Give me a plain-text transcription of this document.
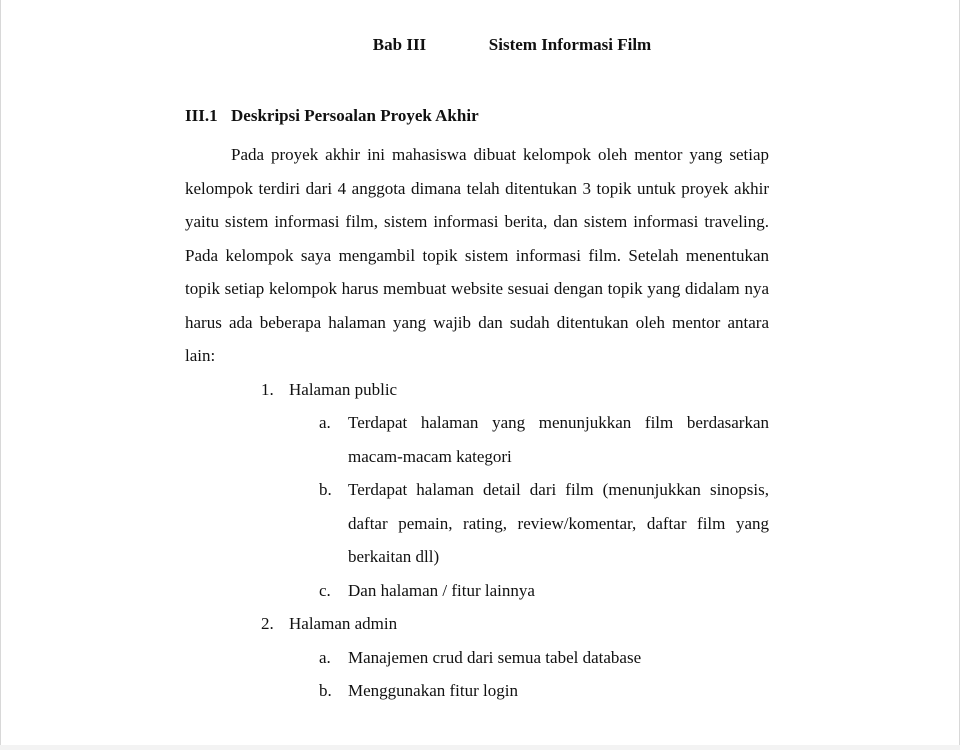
Bab III	Sistem Informasi Film
III.1 Deskripsi Persoalan Proyek Akhir

Pada proyek akhir ini mahasiswa dibuat kelompok oleh mentor yang setiap kelompok terdiri dari 4 anggota dimana telah ditentukan 3 topik untuk proyek akhir yaitu sistem informasi film, sistem informasi berita, dan sistem informasi traveling. Pada kelompok saya mengambil topik sistem informasi film. Setelah menentukan topik setiap kelompok harus membuat website sesuai dengan topik yang didalam nya harus ada beberapa halaman yang wajib dan sudah ditentukan oleh mentor antara lain:

1. Halaman public
a.	Terdapat halaman yang menunjukkan film berdasarkan macam-macam kategori
b. Terdapat halaman detail dari film (menunjukkan sinopsis, daftar pemain, rating, review/komentar, daftar film yang berkaitan dll)
c.	Dan halaman / fitur lainnya
2. Halaman admin
a.	Manajemen crud dari semua tabel database
b. Menggunakan fitur login
